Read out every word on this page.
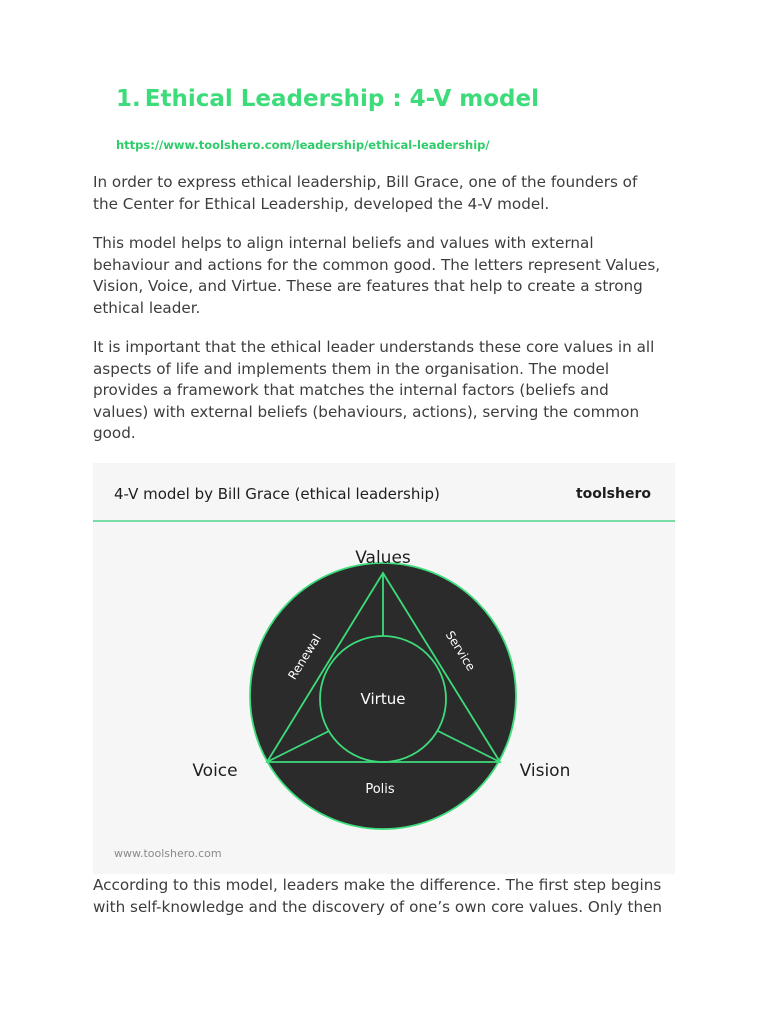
1. Ethical Leadership : 4-V model
https://www.toolshero.com/leadership/ethical-leadership/

In order to express ethical leadership, Bill Grace, one of the founders of
the Center for Ethical Leadership, developed the 4-V model.

This model helps to align internal beliefs and values with external
behaviour and actions for the common good. The letters represent Values,
Vision, Voice, and Virtue. These are features that help to create a strong
ethical leader.

It is important that the ethical leader understands these core values in all
aspects of life and implements them in the organisation. The model
provides a framework that matches the internal factors (beliefs and
values) with external beliefs (behaviours, actions), serving the common
good.

4-V model by Bill Grace (ethical leadership)	toolshero
Values
Voice	Vision
Virtue
Polis
Renewal	Service
www.toolshero.com

According to this model, leaders make the difference. The first step begins
with self-knowledge and the discovery of one’s own core values. Only then
